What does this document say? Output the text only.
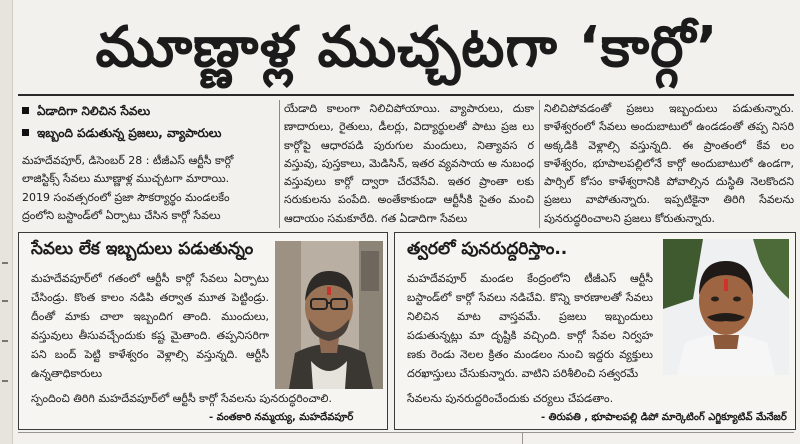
మూణ్ణాళ్ల ముచ్చటగా ‘కార్గో’
ఏడాదిగా నిలిచిన సేవలు
ఇబ్బంది పడుతున్న ప్రజలు, వ్యాపారులు
మహదేవపూర్‌, డిసెంబర్‌ 28 : టీజీఎస్‌ ఆర్టీసీ కార్గో
లాజిస్టిక్స్‌ సేవలు మూణ్ణాళ్ల ముచ్చటగా మారాయి.
2019 సంవత్సరంలో ప్రజా సౌకర్యార్థం మండలకేం
ద్రంలోని బస్టాండ్‌లో ఏర్పాటు చేసిన కార్గో సేవలు
యేడాది కాలంగా నిలిచిపోయాయి. వ్యాపారులు, దుకా ణాదారులు, రైతులు, డీలర్లు, విద్యార్థులతో పాటు ప్రజ లు కార్గోపై ఆధారపడి పురుగుల మందులు, నిత్యావస ర వస్తువు, పుస్తకాలు, మెడిసిన్‌, ఇతర వ్యవసాయ అ నుబంధ వస్తువులు కార్గో ద్వారా చేరవేసేవి. ఇతర ప్రాంతా లకు సరుకులను పంపేది. అంతేకాకుండా ఆర్టీసీకి సైతం మంచి ఆదాయం సమకూరేది. గత ఏడాదిగా సేవలు
నిలిచిపోవడంతో ప్రజలు ఇబ్బందులు పడుతున్నారు. కాళేశ్వరంలో సేవలు అందుబాటులో ఉండడంతో తప్ప నిసరి అక్కడికి వెళ్లాల్సి వస్తున్నది. ఈ ప్రాంతంలో కేవ లం కాళేశ్వరం, భూపాలపల్లిలోనే కార్గో అందుబాటులో ఉండగా, పార్సిల్‌ కోసం కాళేశ్వరానికి పోవాల్సిన దుస్థితి నెలకొందని ప్రజలు వాపోతున్నారు. ఇప్పటికైనా తిరిగి సేవలను పునరుద్ధరించాలని ప్రజలు కోరుతున్నారు.
సేవలు లేక ఇబ్బదులు పడుతున్నం
మహదేవపూర్‌లో గతంలో ఆర్టీసీ కార్గో సేవలు ఏర్పాటు చేసిండ్రు. కొంత కాలం నడిపి తర్వాత మూత పెట్టిండ్రు. దీంతో మాకు చాలా ఇబ్బందిగ తాంది. ముందులు, వస్తువులు తీసువచ్చేందుకు కష్ట మైతాంది. తప్పనిసరిగా పని బంద్‌ పెట్టి కాళేశ్వరం వెళ్లాల్సి వస్తున్నది. ఆర్టీసీ ఉన్నతాధికారులు
స్పందించి తిరిగి మహదేవపూర్‌లో ఆర్టీసీ కార్గో సేవలను పునరుద్ధరించాలి.
- వంతకారి నమ్మయ్య, మహదేవపూర్‌
త్వరలో పునరుద్దరిస్తాం..
మహదేవపూర్‌ మండల కేంద్రంలోని టీజీఎస్‌ ఆర్టీసీ బస్టాండ్‌లో కార్గో సేవలు నడిచేవి. కొన్ని కారణాలతో సేవలు నిలిచిన మాట వాస్తవమే. ప్రజలు ఇబ్బందులు పడుతున్నట్లు మా దృష్టికి వచ్చింది. కార్గో సేవల నిర్వహ ణకు రెండు నెలల క్రితం మండలం నుంచి ఇద్దరు వ్యక్తులు దరఖాస్తులు చేసుకున్నారు. వాటిని పరిశీలించి సత్వరమే
సేవలను పునరుద్దరించేందుకు చర్యలు చేపడతాం.
- తిరుపతి , భూపాలపల్లి డిపో మార్కెటింగ్‌ ఎగ్జిక్యూటివ్‌ మేనేజర్‌
